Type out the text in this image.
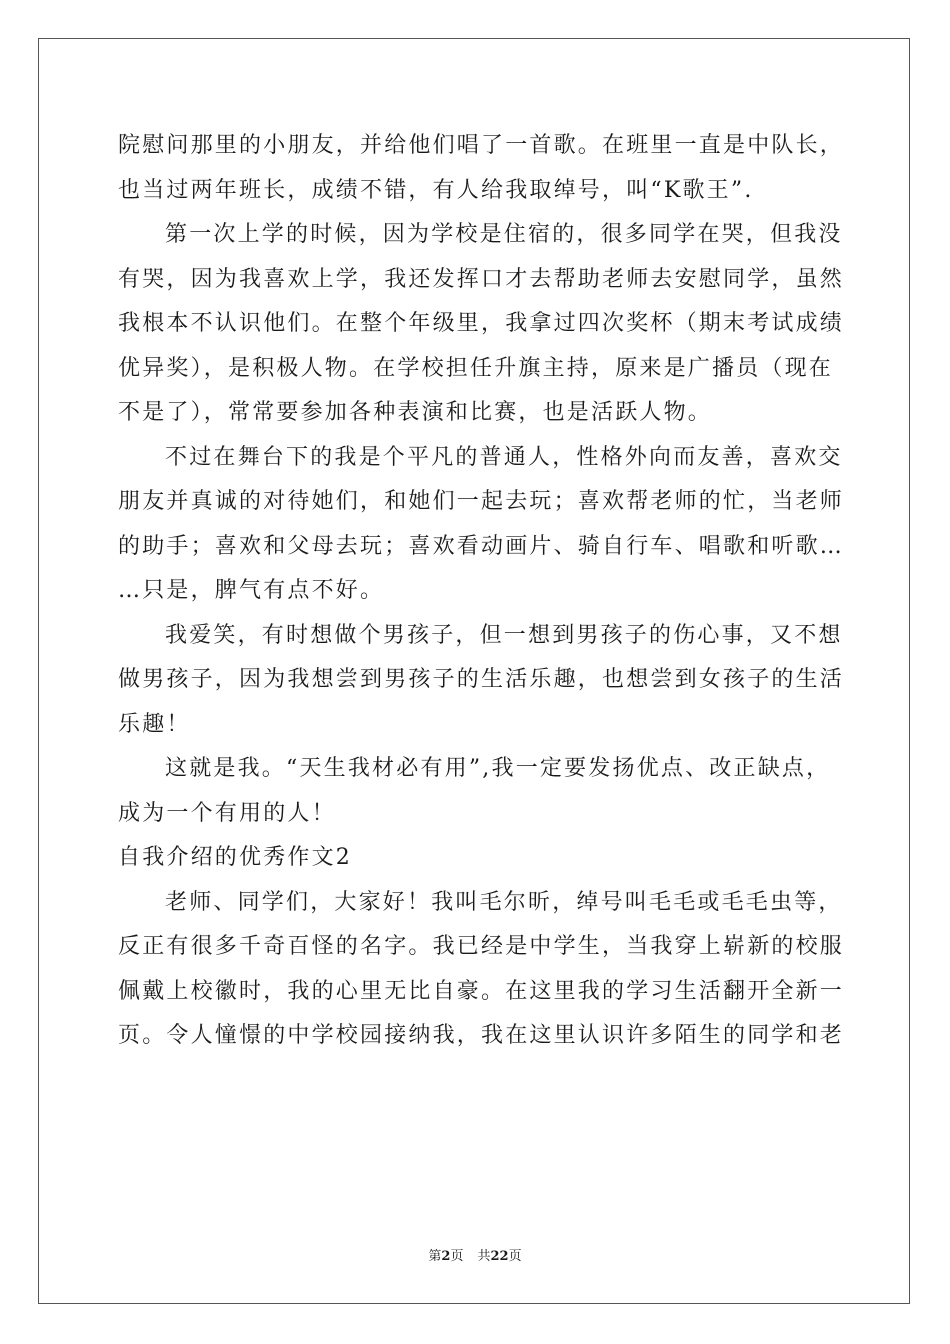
院慰问那里的小朋友，并给他们唱了一首歌。在班里一直是中队长，
也当过两年班长，成绩不错，有人给我取绰号，叫“K歌王”.
第一次上学的时候，因为学校是住宿的，很多同学在哭，但我没
有哭，因为我喜欢上学，我还发挥口才去帮助老师去安慰同学，虽然
我根本不认识他们。在整个年级里，我拿过四次奖杯（期末考试成绩
优异奖），是积极人物。在学校担任升旗主持，原来是广播员（现在
不是了），常常要参加各种表演和比赛，也是活跃人物。
不过在舞台下的我是个平凡的普通人，性格外向而友善，喜欢交
朋友并真诚的对待她们，和她们一起去玩；喜欢帮老师的忙，当老师
的助手；喜欢和父母去玩；喜欢看动画片、骑自行车、唱歌和听歌…
…只是，脾气有点不好。
我爱笑，有时想做个男孩子，但一想到男孩子的伤心事，又不想
做男孩子，因为我想尝到男孩子的生活乐趣，也想尝到女孩子的生活
乐趣！
这就是我。“天生我材必有用”,我一定要发扬优点、改正缺点，
成为一个有用的人！
自我介绍的优秀作文2
老师、同学们，大家好！我叫毛尔昕，绰号叫毛毛或毛毛虫等，
反正有很多千奇百怪的名字。我已经是中学生，当我穿上崭新的校服
佩戴上校徽时，我的心里无比自豪。在这里我的学习生活翻开全新一
页。令人憧憬的中学校园接纳我，我在这里认识许多陌生的同学和老
第2页 共22页
